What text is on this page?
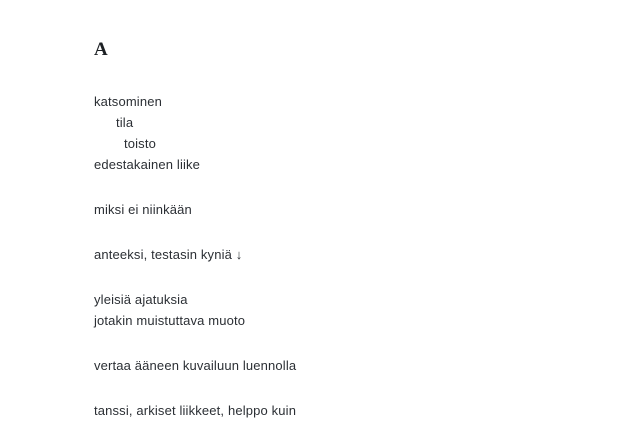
A
katsominen
tila
toisto
edestakainen liike
miksi ei niinkään
anteeksi, testasin kyniä ↓
yleisiä ajatuksia
jotakin muistuttava muoto
vertaa ääneen kuvailuun luennolla
tanssi, arkiset liikkeet, helppo kuin
